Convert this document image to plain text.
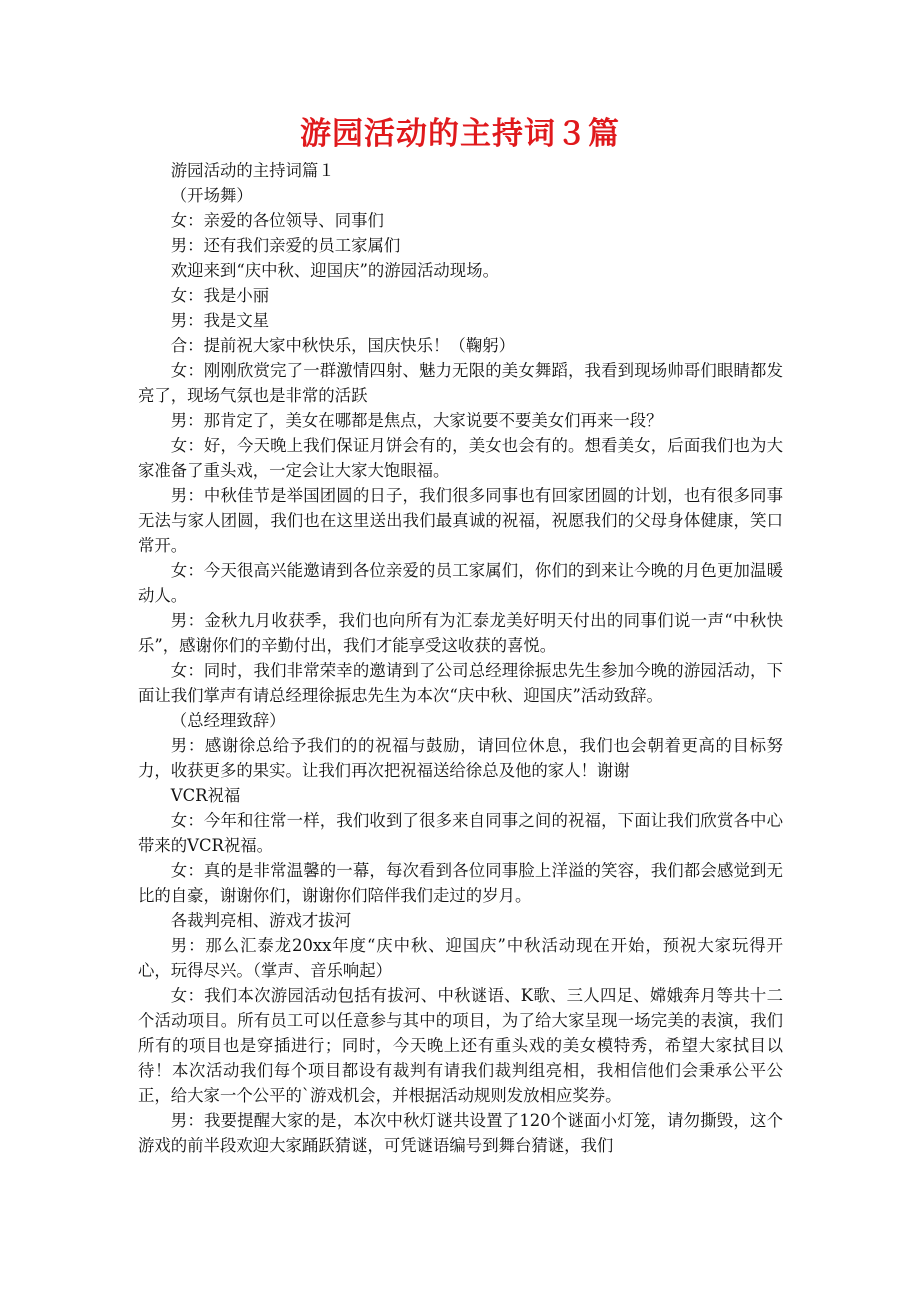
游园活动的主持词３篇

游园活动的主持词篇１

（开场舞）

女：亲爱的各位领导、同事们

男：还有我们亲爱的员工家属们

欢迎来到“庆中秋、迎国庆”的游园活动现场。

女：我是小丽

男：我是文星

合：提前祝大家中秋快乐，国庆快乐！（鞠躬）

女：刚刚欣赏完了一群激情四射、魅力无限的美女舞蹈，我看到现场帅哥们眼睛都发亮了，现场气氛也是非常的活跃

男：那肯定了，美女在哪都是焦点，大家说要不要美女们再来一段？

女：好，今天晚上我们保证月饼会有的，美女也会有的。想看美女，后面我们也为大家准备了重头戏，一定会让大家大饱眼福。

男：中秋佳节是举国团圆的日子，我们很多同事也有回家团圆的计划，也有很多同事无法与家人团圆，我们也在这里送出我们最真诚的祝福，祝愿我们的父母身体健康，笑口常开。

女：今天很高兴能邀请到各位亲爱的员工家属们，你们的到来让今晚的月色更加温暖动人。

男：金秋九月收获季，我们也向所有为汇泰龙美好明天付出的同事们说一声“中秋快乐”，感谢你们的辛勤付出，我们才能享受这收获的喜悦。

女：同时，我们非常荣幸的邀请到了公司总经理徐振忠先生参加今晚的游园活动，下面让我们掌声有请总经理徐振忠先生为本次“庆中秋、迎国庆”活动致辞。

（总经理致辞）

男：感谢徐总给予我们的的祝福与鼓励，请回位休息，我们也会朝着更高的目标努力，收获更多的果实。让我们再次把祝福送给徐总及他的家人！谢谢

VCR祝福

女：今年和往常一样，我们收到了很多来自同事之间的祝福，下面让我们欣赏各中心带来的VCR祝福。

女：真的是非常温馨的一幕，每次看到各位同事脸上洋溢的笑容，我们都会感觉到无比的自豪，谢谢你们，谢谢你们陪伴我们走过的岁月。

各裁判亮相、游戏才拔河

男：那么汇泰龙20xx年度“庆中秋、迎国庆”中秋活动现在开始，预祝大家玩得开心，玩得尽兴。（掌声、音乐响起）

女：我们本次游园活动包括有拔河、中秋谜语、K歌、三人四足、嫦娥奔月等共十二个活动项目。所有员工可以任意参与其中的项目，为了给大家呈现一场完美的表演，我们所有的项目也是穿插进行；同时，今天晚上还有重头戏的美女模特秀，希望大家拭目以待！本次活动我们每个项目都设有裁判有请我们裁判组亮相，我相信他们会秉承公平公正，给大家一个公平的`游戏机会，并根据活动规则发放相应奖券。

男：我要提醒大家的是，本次中秋灯谜共设置了120个谜面小灯笼，请勿撕毁，这个游戏的前半段欢迎大家踊跃猜谜，可凭谜语编号到舞台猜谜，我们
